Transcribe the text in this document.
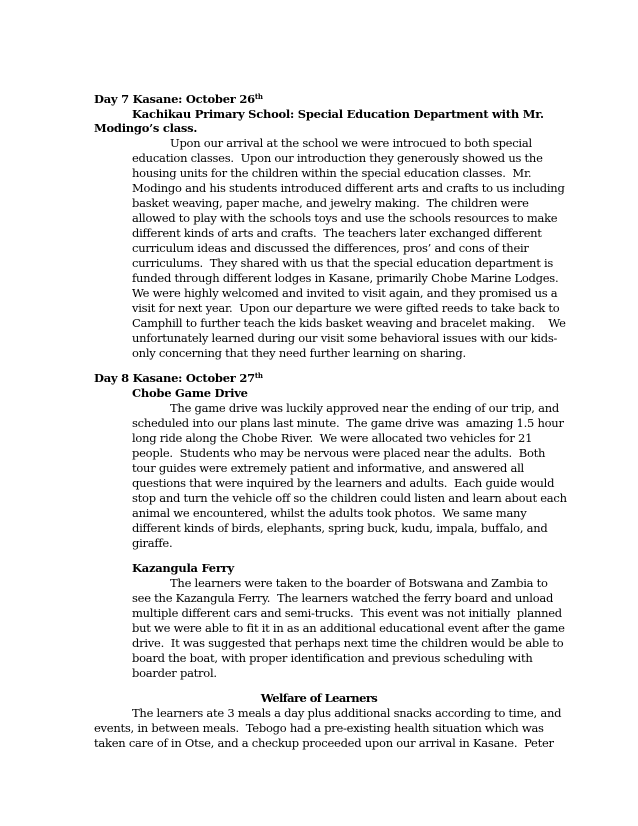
Day 7 Kasane: October 26th

Kachikau Primary School: Special Education Department with Mr.

Modingo’s class.

Upon our arrival at the school we were introcued to both special

education classes.  Upon our introduction they generously showed us the

housing units for the children within the special education classes.  Mr.

Modingo and his students introduced different arts and crafts to us including

basket weaving, paper mache, and jewelry making.  The children were

allowed to play with the schools toys and use the schools resources to make

different kinds of arts and crafts.  The teachers later exchanged different

curriculum ideas and discussed the differences, pros’ and cons of their

curriculums.  They shared with us that the special education department is

funded through different lodges in Kasane, primarily Chobe Marine Lodges.

We were highly welcomed and invited to visit again, and they promised us a

visit for next year.  Upon our departure we were gifted reeds to take back to

Camphill to further teach the kids basket weaving and bracelet making.    We

unfortunately learned during our visit some behavioral issues with our kids-

only concerning that they need further learning on sharing.

Day 8 Kasane: October 27th

Chobe Game Drive

The game drive was luckily approved near the ending of our trip, and

scheduled into our plans last minute.  The game drive was  amazing 1.5 hour

long ride along the Chobe River.  We were allocated two vehicles for 21

people.  Students who may be nervous were placed near the adults.  Both

tour guides were extremely patient and informative, and answered all

questions that were inquired by the learners and adults.  Each guide would

stop and turn the vehicle off so the children could listen and learn about each

animal we encountered, whilst the adults took photos.  We same many

different kinds of birds, elephants, spring buck, kudu, impala, buffalo, and

giraffe.

Kazangula Ferry

The learners were taken to the boarder of Botswana and Zambia to

see the Kazangula Ferry.  The learners watched the ferry board and unload

multiple different cars and semi-trucks.  This event was not initially  planned

but we were able to fit it in as an additional educational event after the game

drive.  It was suggested that perhaps next time the children would be able to

board the boat, with proper identification and previous scheduling with

boarder patrol.

Welfare of Learners

The learners ate 3 meals a day plus additional snacks according to time, and

events, in between meals.  Tebogo had a pre-existing health situation which was

taken care of in Otse, and a checkup proceeded upon our arrival in Kasane.  Peter
